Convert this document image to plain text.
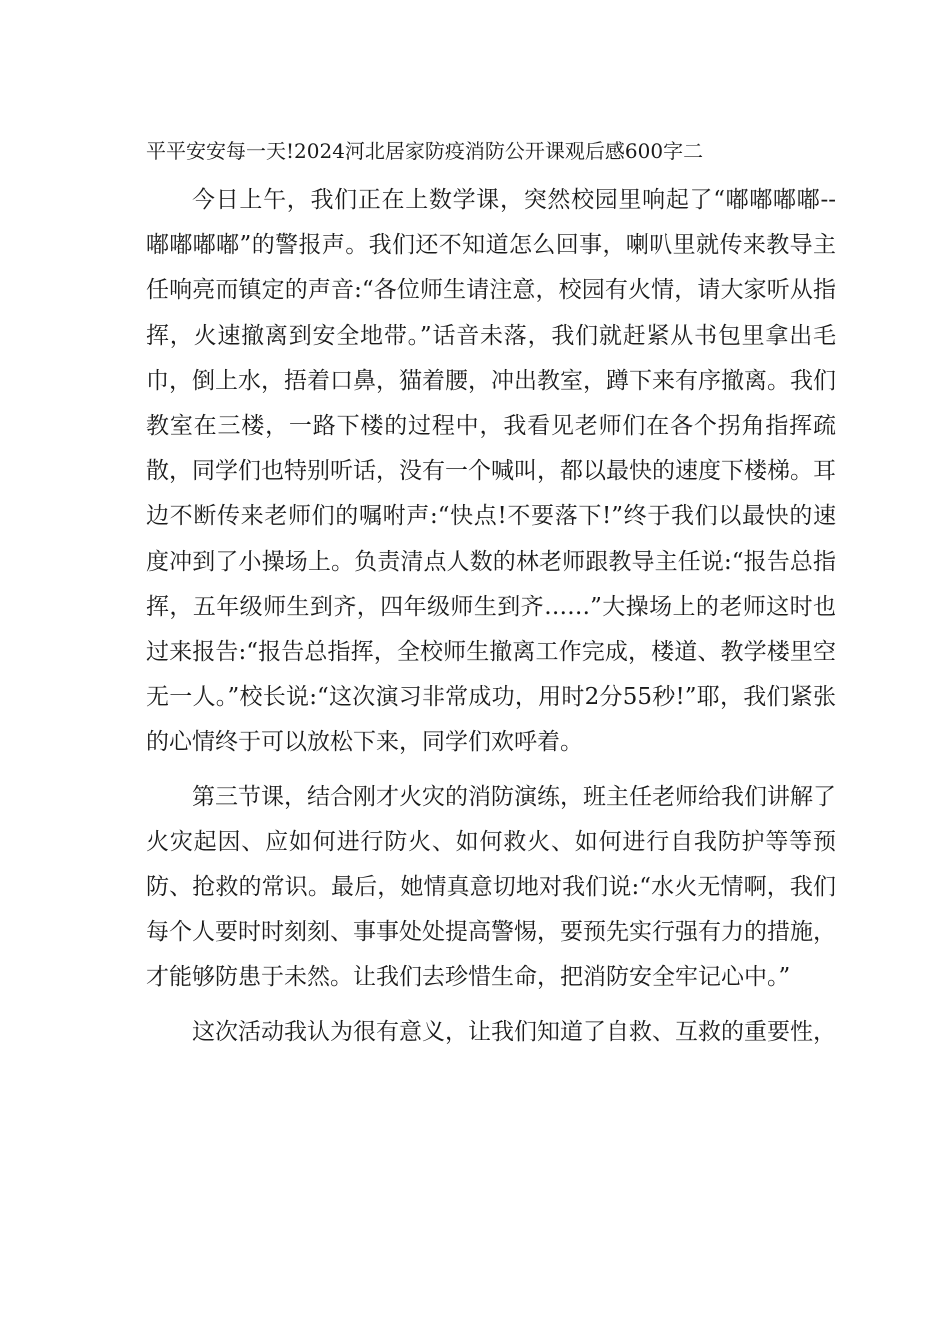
平平安安每一天!2024河北居家防疫消防公开课观后感600字二

今日上午，我们正在上数学课，突然校园里响起了“嘟嘟嘟嘟--嘟嘟嘟嘟”的警报声。我们还不知道怎么回事，喇叭里就传来教导主任响亮而镇定的声音:“各位师生请注意，校园有火情，请大家听从指挥，火速撤离到安全地带。”话音未落，我们就赶紧从书包里拿出毛巾，倒上水，捂着口鼻，猫着腰，冲出教室，蹲下来有序撤离。我们教室在三楼，一路下楼的过程中，我看见老师们在各个拐角指挥疏散，同学们也特别听话，没有一个喊叫，都以最快的速度下楼梯。耳边不断传来老师们的嘱咐声:“快点!不要落下!”终于我们以最快的速度冲到了小操场上。负责清点人数的林老师跟教导主任说:“报告总指挥，五年级师生到齐，四年级师生到齐……”大操场上的老师这时也过来报告:“报告总指挥，全校师生撤离工作完成，楼道、教学楼里空无一人。”校长说:“这次演习非常成功，用时2分55秒!”耶，我们紧张的心情终于可以放松下来，同学们欢呼着。

第三节课，结合刚才火灾的消防演练，班主任老师给我们讲解了火灾起因、应如何进行防火、如何救火、如何进行自我防护等等预防、抢救的常识。最后，她情真意切地对我们说:“水火无情啊，我们每个人要时时刻刻、事事处处提高警惕，要预先实行强有力的措施，才能够防患于未然。让我们去珍惜生命，把消防安全牢记心中。”

这次活动我认为很有意义，让我们知道了自救、互救的重要性，
